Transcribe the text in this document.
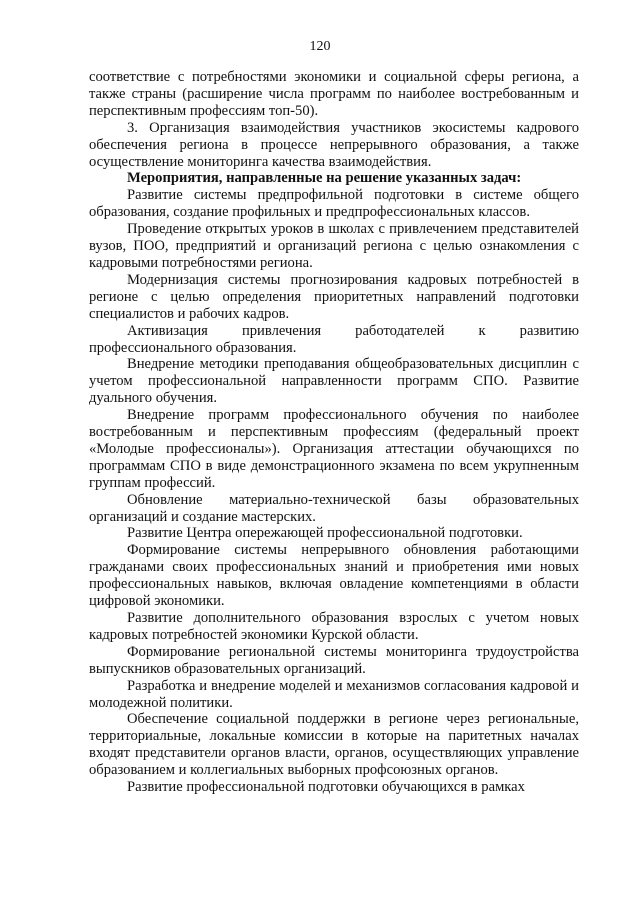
120

соответствие с потребностями экономики и социальной сферы региона, а также страны (расширение числа программ по наиболее востребованным и перспективным профессиям топ-50).

3. Организация взаимодействия участников экосистемы кадрового обеспечения региона в процессе непрерывного образования, а также осуществление мониторинга качества взаимодействия.

Мероприятия, направленные на решение указанных задач:

Развитие системы предпрофильной подготовки в системе общего образования, создание профильных и предпрофессиональных классов.

Проведение открытых уроков в школах с привлечением представителей вузов, ПОО, предприятий и организаций региона с целью ознакомления с кадровыми потребностями региона.

Модернизация системы прогнозирования кадровых потребностей в регионе с целью определения приоритетных направлений подготовки специалистов и рабочих кадров.

Активизация привлечения работодателей к развитию профессионального образования.

Внедрение методики преподавания общеобразовательных дисциплин с учетом профессиональной направленности программ СПО. Развитие дуального обучения.

Внедрение программ профессионального обучения по наиболее востребованным и перспективным профессиям (федеральный проект «Молодые профессионалы»). Организация аттестации обучающихся по программам СПО в виде демонстрационного экзамена по всем укрупненным группам профессий.

Обновление материально-технической базы образовательных организаций и создание мастерских.

Развитие Центра опережающей профессиональной подготовки.

Формирование системы непрерывного обновления работающими гражданами своих профессиональных знаний и приобретения ими новых профессиональных навыков, включая овладение компетенциями в области цифровой экономики.

Развитие дополнительного образования взрослых с учетом новых кадровых потребностей экономики Курской области.

Формирование региональной системы мониторинга трудоустройства выпускников образовательных организаций.

Разработка и внедрение моделей и механизмов согласования кадровой и молодежной политики.

Обеспечение социальной поддержки в регионе через региональные, территориальные, локальные комиссии в которые на паритетных началах входят представители органов власти, органов, осуществляющих управление образованием и коллегиальных выборных профсоюзных органов.

Развитие профессиональной подготовки обучающихся в рамках
